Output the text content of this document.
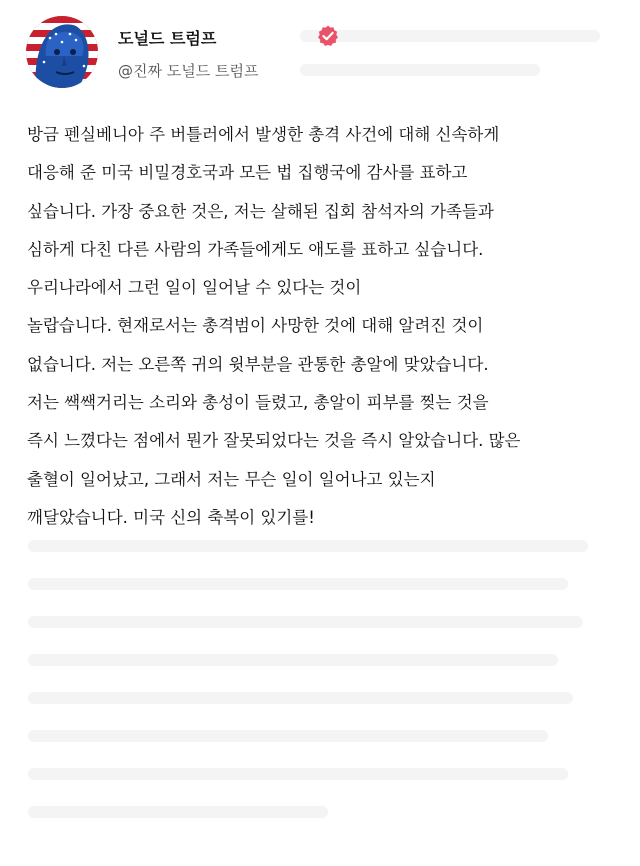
도널드 트럼프
@진짜 도널드 트럼프
방금 펜실베니아 주 버틀러에서 발생한 총격 사건에 대해 신속하게
대응해 준 미국 비밀경호국과 모든 법 집행국에 감사를 표하고
싶습니다. 가장 중요한 것은, 저는 살해된 집회 참석자의 가족들과
심하게 다친 다른 사람의 가족들에게도 애도를 표하고 싶습니다.
우리나라에서 그런 일이 일어날 수 있다는 것이
놀랍습니다. 현재로서는 총격범이 사망한 것에 대해 알려진 것이
없습니다. 저는 오른쪽 귀의 윗부분을 관통한 총알에 맞았습니다.
저는 쌕쌕거리는 소리와 총성이 들렸고, 총알이 피부를 찢는 것을
즉시 느꼈다는 점에서 뭔가 잘못되었다는 것을 즉시 알았습니다. 많은
출혈이 일어났고, 그래서 저는 무슨 일이 일어나고 있는지
깨달았습니다. 미국 신의 축복이 있기를!
